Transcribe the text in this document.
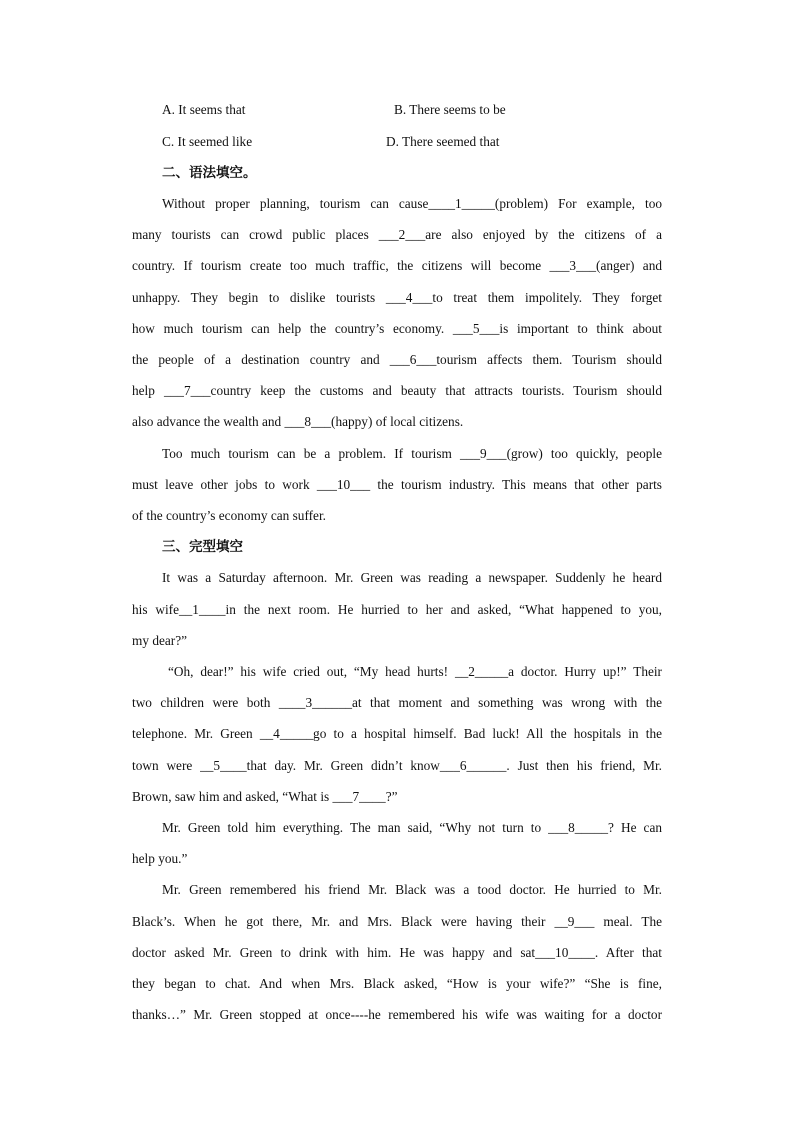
A. It seems that	B. There seems to be
C. It seemed like	D. There seemed that
二、语法填空。
Without proper planning, tourism can cause____1_____(problem) For example, too
many tourists can crowd public places ___2___are also enjoyed by the citizens of a
country. If tourism create too much traffic, the citizens will become ___3___(anger) and
unhappy. They begin to dislike tourists ___4___to treat them impolitely. They forget
how much tourism can help the country’s economy. ___5___is important to think about
the people of a destination country and ___6___tourism affects them. Tourism should
help ___7___country keep the customs and beauty that attracts tourists. Tourism should
also advance the wealth and ___8___(happy) of local citizens.
Too much tourism can be a problem. If tourism ___9___(grow) too quickly, people
must leave other jobs to work ___10___ the tourism industry. This means that other parts
of the country’s economy can suffer.
三、完型填空
It was a Saturday afternoon. Mr. Green was reading a newspaper. Suddenly he heard
his wife__1____in the next room. He hurried to her and asked, “What happened to you,
my dear?”
“Oh, dear!” his wife cried out, “My head hurts! __2_____a doctor. Hurry up!” Their
two children were both ____3______at that moment and something was wrong with the
telephone. Mr. Green __4_____go to a hospital himself. Bad luck! All the hospitals in the
town were __5____that day. Mr. Green didn’t know___6______. Just then his friend, Mr.
Brown, saw him and asked, “What is ___7____?”
Mr. Green told him everything. The man said, “Why not turn to ___8_____? He can
help you.”
Mr. Green remembered his friend Mr. Black was a tood doctor. He hurried to Mr.
Black’s. When he got there, Mr. and Mrs. Black were having their __9___ meal. The
doctor asked Mr. Green to drink with him. He was happy and sat___10____. After that
they began to chat. And when Mrs. Black asked, “How is your wife?” “She is fine,
thanks…” Mr. Green stopped at once----he remembered his wife was waiting for a doctor
